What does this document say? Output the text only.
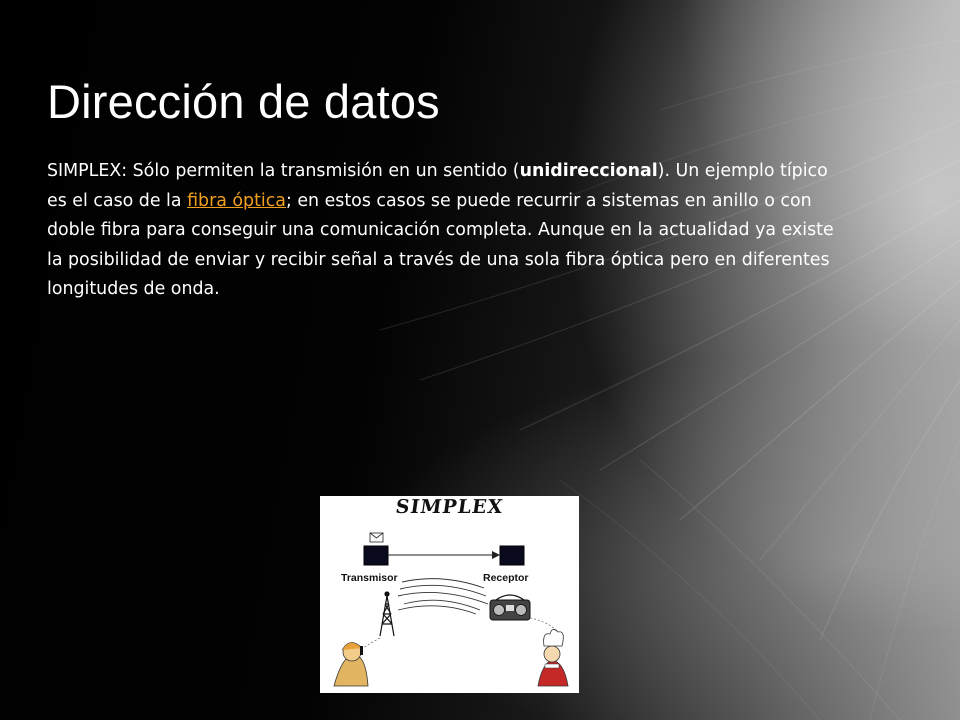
Dirección de datos

SIMPLEX: Sólo permiten la transmisión en un sentido (unidireccional). Un ejemplo típico es el caso de la fibra óptica; en estos casos se puede recurrir a sistemas en anillo o con doble fibra para conseguir una comunicación completa. Aunque en la actualidad ya existe la posibilidad de enviar y recibir señal a través de una sola fibra óptica pero en diferentes longitudes de onda.

SIMPLEX
Transmisor	Receptor
